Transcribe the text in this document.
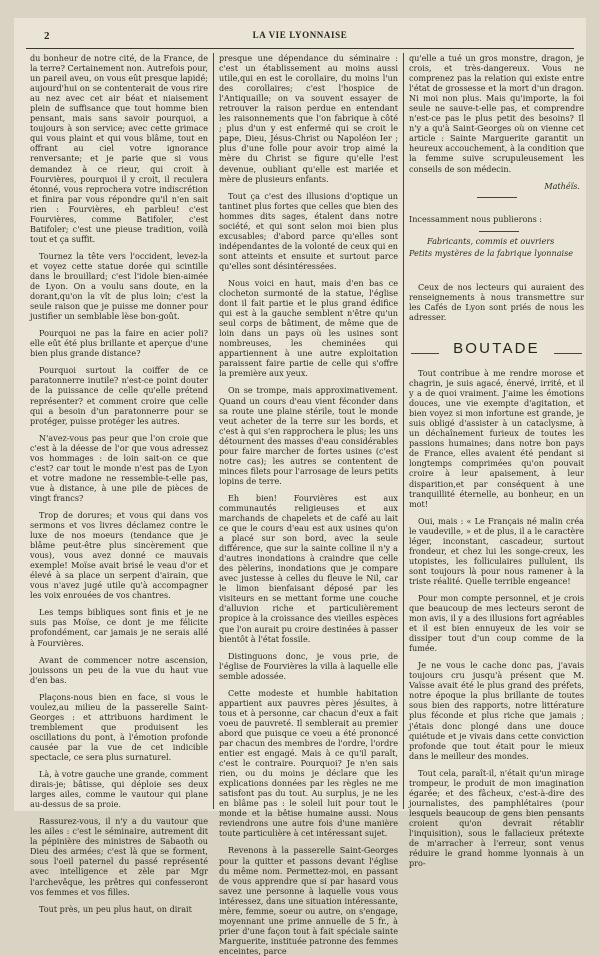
2	LA VIE LYONNAISE

du bonheur de notre cité, de la France, de la terre? Certainement non. Autrefois pour, un pareil aveu, on vous eût presque lapidé; aujourd'hui on se contenterait de vous rire au nez avec cet air béat et niaisement plein de suffisance que tout homme bien pensant, mais sans savoir pourquoi, a toujours à son service; avec cette grimace qui vous plaint et qui vous blâme, tout en offrant au ciel votre ignorance renversante; et je parie que si vous demandez à ce rieur, qui croit à Fourvières, pourquoi il y croit, il reculera étonné, vous reprochera votre indiscrétion et finira par vous répondre qu'il n'en sait rien : Fourvières, eh parbleu! c'est Fourvières, comme Batifoler, c'est Batifoler; c'est une pieuse tradition, voilà tout et ça suffit.

Tournez la tête vers l'occident, levez-la et voyez cette statue dorée qui scintille dans le brouillard; c'est l'idole bien-aimée de Lyon. On a voulu sans doute, en la dorant,qu'on la vît de plus loin; c'est la seule raison que je puisse me donner pour justifier un semblable lèse bon-goût.

Pourquoi ne pas la faire en acier poli? elle eût été plus brillante et aperçue d'une bien plus grande distance?

Pourquoi surtout la coiffer de ce paratonnerre inutile? n'est-ce point douter de la puissance de celle qu'elle prétend représenter? et comment croire que celle qui a besoin d'un paratonnerre pour se protéger, puisse protéger les autres.

N'avez-vous pas peur que l'on croie que c'est à la déesse de l'or que vous adressez vos hommages : de loin sait-on ce que c'est? car tout le monde n'est pas de Lyon et votre madone ne ressemble-t-elle pas, vue à distance, à une pile de pièces de vingt francs?

Trop de dorures; et vous qui dans vos sermons et vos livres déclamez contre le luxe de nos moeurs (tendance que je blâme peut-être plus sincèrement que vous), vous avez donné ce mauvais exemple! Moïse avait brisé le veau d'or et élevé à sa place un serpent d'airain, que vous n'avez jugé utile qu'à accompagner les voix enrouées de vos chantres.

Les temps bibliques sont finis et je ne suis pas Moïse, ce dont je me félicite profondément, car jamais je ne serais allé à Fourvières.

Avant de commencer notre ascension, jouissons un peu de la vue du haut vue d'en bas.

Plaçons-nous bien en face, si vous le voulez,au milieu de la passerelle Saint-Georges : et attribuons hardiment le tremblement que produisent les oscillations du pont, à l'émotion profonde causée par la vue de cet indicible spectacle, ce sera plus surnaturel.

Là, à votre gauche une grande, comment dirais-je; bâtisse, qui déploie ses deux larges ailes, comme le vautour qui plane au-dessus de sa proie.

Rassurez-vous, il n'y a du vautour que les ailes : c'est le séminaire, autrement dit la pépinière des ministres de Sabaoth ou Dieu des armées; c'est là que se forment, sous l'oeil paternel du passé représenté avec intelligence et zèle par Mgr l'archevêque, les prêtres qui confesseront vos femmes et vos filles.

Tout près, un peu plus haut, on dirait

presque une dépendance du séminaire : c'est un établissement au moins aussi utile,qui en est le corollaire, du moins l'un des corollaires; c'est l'hospice de l'Antiquaille; on va souvent essayer de retrouver la raison perdue en entendant les raisonnements que l'on fabrique à côté ; plus d'un y est enfermé qui se croit le pape, Dieu, Jésus-Christ ou Napoléon Ier ; plus d'une folle pour avoir trop aimé la mère du Christ se figure qu'elle l'est devenue, oubliant qu'elle est mariée et mère de plusieurs enfants.

Tout ça c'est des illusions d'optique un tantinet plus fortes que celles que bien des hommes dits sages, étalent dans notre société, et qui sont selon moi bien plus excusables; d'abord parce qu'elles sont indépendantes de la volonté de ceux qui en sont atteints et ensuite et surtout parce qu'elles sont désintéressées.

Nous voici en haut, mais d'en bas ce clocheton surmonté de la statue, l'église dont il fait partie et le plus grand édifice qui est à la gauche semblent n'être qu'un seul corps de bâtiment, de même que de loin dans un pays où les usines sont nombreuses, les cheminées qui appartiennent à une autre exploitation paraissent faire partie de celle qui s'offre la première aux yeux.

On se trompe, mais approximativement. Quand un cours d'eau vient féconder dans sa route une plaine stérile, tout le monde veut acheter de la terre sur les bords, et c'est à qui s'en rapprochera le plus; les uns détournent des masses d'eau considérables pour faire marcher de fortes usines (c'est notre cas); les autres se contentent de minces filets pour l'arrosage de leurs petits lopins de terre.

Eh bien! Fourvières est aux communautés religieuses et aux marchands de chapelets et de café au lait ce que le cours d'eau est aux usines qu'on a placé sur son bord, avec la seule différence, que sur la sainte colline il n'y a d'autres inondations à craindre que celle des pèlerins, inondations que je compare avec justesse à celles du fleuve le Nil, car le limon bienfaisant déposé par les visiteurs en se mettant forme une couche d'alluvion riche et particulièrement propice à la croissance des vieilles espèces que l'on aurait pu croire destinées à passer bientôt à l'état fossile.

Distinguons donc, je vous prie, de l'église de Fourvières la villa à laquelle elle semble adossée.

Cette modeste et humble habitation appartient aux pauvres pères jésuites, à tous et à personne, car chacun d'eux a fait voeu de pauvreté. Il semblerait au premier abord que puisque ce voeu a été prononcé par chacun des membres de l'ordre, l'ordre entier est engagé. Mais à ce qu'il paraît, c'est le contraire. Pourquoi? Je n'en sais rien, ou du moins je déclare que les explications données par les règles ne me satisfont pas du tout. Au surplus, je ne les en blâme pas : le soleil luit pour tout le monde et la bêtise humaine aussi. Nous reviendrons une autre fois d'une manière toute particulière à cet intéressant sujet.

Revenons à la passerelle Saint-Georges pour la quitter et passons devant l'église du même nom. Permettez-moi, en passant de vous apprendre que si par hasard vous savez une personne à laquelle vous vous intéressez, dans une situation intéressante, mère, femme, soeur ou autre, on s'engage, moyennant une prime annuelle de 5 fr., à prier d'une façon tout à fait spéciale sainte Marguerite, instituée patronne des femmes enceintes, parce

qu'elle a tué un gros monstre, dragon, je crois, et très-dangereux. Vous ne comprenez pas la relation qui existe entre l'état de grossesse et la mort d'un dragon. Ni moi non plus. Mais qu'importe, la foi seule ne sauve-t-elle pas, et comprendre n'est-ce pas le plus petit des besoins? Il n'y a qu'à Saint-Georges où on vienne cet article : Sainte Marguerite garantit un heureux accouchement, à la condition que la femme suive scrupuleusement les conseils de son médecin.

Mathéïs.

Incessamment nous publierons :

Fabricants, commis et ouvriers
Petits mystères de la fabrique lyonnaise

Ceux de nos lecteurs qui auraient des renseignements à nous transmettre sur les Cafés de Lyon sont priés de nous les adresser.

BOUTADE

Tout contribue à me rendre morose et chagrin, je suis agacé, énervé, irrité, et il y a de quoi vraiment. J'aime les émotions douces, une vie exempte d'agitation, et bien voyez si mon infortune est grande, je suis obligé d'assister à un cataclysme, à un déchaînement furieux de toutes les passions humaines; dans notre bon pays de France, elles avaient été pendant si longtemps comprimées qu'on pouvait croire à leur apaisement, à leur disparition,et par conséquent à une tranquillité éternelle, au bonheur, en un mot!

Oui, mais : « Le Français né malin créa le vaudeville, » et de plus, il a le caractère léger, inconstant, cascadeur, surtout frondeur, et chez lui les songe-creux, les utopistes, les folliculaires pullulent, ils sont toujours là pour nous ramener à la triste réalité. Quelle terrible engeance!

Pour mon compte personnel, et je crois que beaucoup de mes lecteurs seront de mon avis, il y a des illusions fort agréables et il est bien ennuyeux de les voir se dissiper tout d'un coup comme de la fumée.

Je ne vous le cache donc pas, j'avais toujours cru jusqu'à présent que M. Vaïsse avait été le plus grand des préfets, notre époque la plus brillante de toutes sous bien des rapports, notre littérature plus féconde et plus riche que jamais ; j'étais donc plongé dans une douce quiétude et je vivais dans cette conviction profonde que tout était pour le mieux dans le meilleur des mondes.

Tout cela, paraît-il, n'était qu'un mirage trompeur, le produit de mon imagination égarée; et des fâcheux, c'est-à-dire des journalistes, des pamphlétaires (pour lesquels beaucoup de gens bien pensants croient qu'on devrait rétablir l'inquisition), sous le fallacieux prétexte de m'arracher à l'erreur, sont venus réduire le grand homme lyonnais à un pro-
